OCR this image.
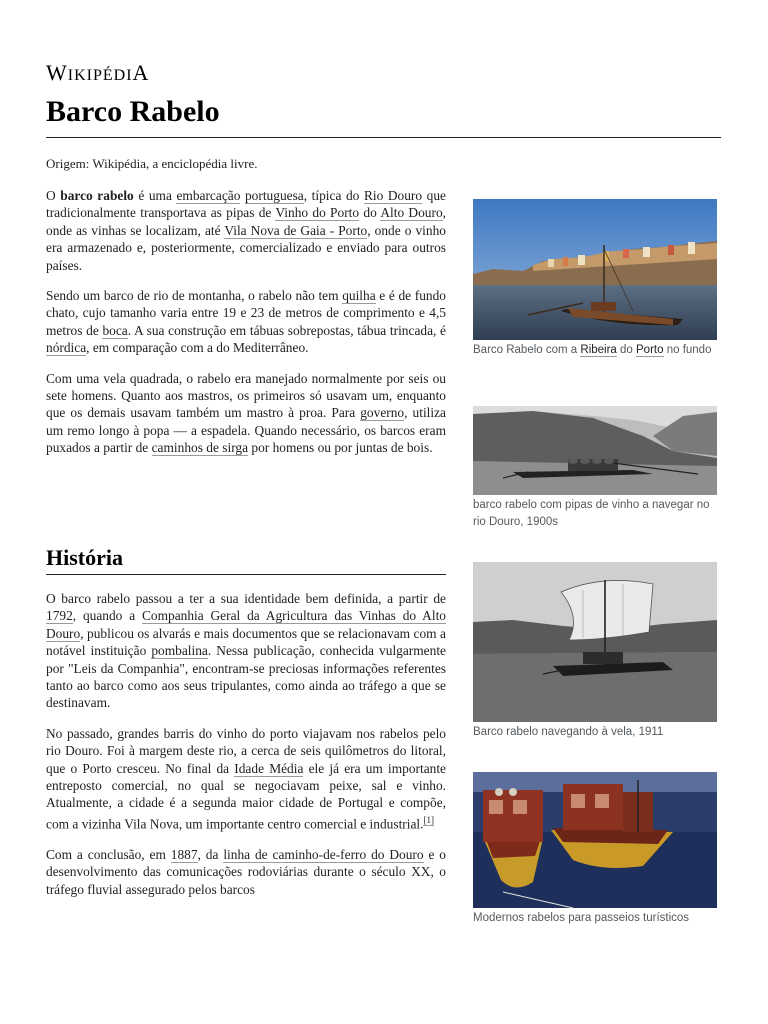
WIKIPÉDIA
Barco Rabelo
Origem: Wikipédia, a enciclopédia livre.

O barco rabelo é uma embarcação portuguesa, típica do Rio Douro que tradicionalmente transportava as pipas de Vinho do Porto do Alto Douro, onde as vinhas se localizam, até Vila Nova de Gaia - Porto, onde o vinho era armazenado e, posteriormente, comercializado e enviado para outros países.

Sendo um barco de rio de montanha, o rabelo não tem quilha e é de fundo chato, cujo tamanho varia entre 19 e 23 de metros de comprimento e 4,5 metros de boca. A sua construção em tábuas sobrepostas, tábua trincada, é nórdica, em comparação com a do Mediterrâneo.

Com uma vela quadrada, o rabelo era manejado normalmente por seis ou sete homens. Quanto aos mastros, os primeiros só usavam um, enquanto que os demais usavam também um mastro à proa. Para governo, utiliza um remo longo à popa — a espadela. Quando necessário, os barcos eram puxados a partir de caminhos de sirga por homens ou por juntas de bois.

História

O barco rabelo passou a ter a sua identidade bem definida, a partir de 1792, quando a Companhia Geral da Agricultura das Vinhas do Alto Douro, publicou os alvarás e mais documentos que se relacionavam com a notável instituição pombalina. Nessa publicação, conhecida vulgarmente por "Leis da Companhia", encontram-se preciosas informações referentes tanto ao barco como aos seus tripulantes, como ainda ao tráfego a que se destinavam.

No passado, grandes barris do vinho do porto viajavam nos rabelos pelo rio Douro. Foi à margem deste rio, a cerca de seis quilômetros do litoral, que o Porto cresceu. No final da Idade Média ele já era um importante entreposto comercial, no qual se negociavam peixe, sal e vinho. Atualmente, a cidade é a segunda maior cidade de Portugal e compõe, com a vizinha Vila Nova, um importante centro comercial e industrial.[1]

Com a conclusão, em 1887, da linha de caminho-de-ferro do Douro e o desenvolvimento das comunicações rodoviárias durante o século XX, o tráfego fluvial assegurado pelos barcos

Barco Rabelo com a Ribeira do Porto no fundo
barco rabelo com pipas de vinho a navegar no rio Douro, 1900s
Barco rabelo navegando à vela, 1911
Modernos rabelos para passeios turísticos
